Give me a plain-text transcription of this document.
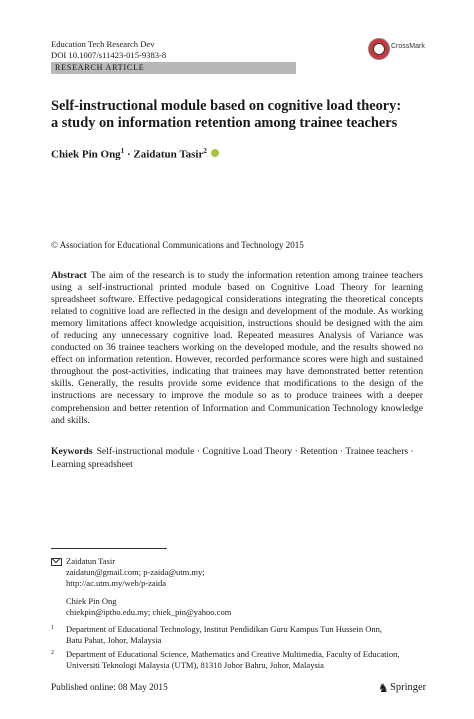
Education Tech Research Dev
DOI 10.1007/s11423-015-9383-8
CrossMark
RESEARCH ARTICLE
Self-instructional module based on cognitive load theory:
a study on information retention among trainee teachers
Chiek Pin Ong$^1$ · Zaidatun Tasir$^2$
© Association for Educational Communications and Technology 2015
Abstract The aim of the research is to study the information retention among trainee teachers using a self-instructional printed module based on Cognitive Load Theory for learning spreadsheet software. Effective pedagogical considerations integrating the theoretical concepts related to cognitive load are reflected in the design and development of the module. As working memory limitations affect knowledge acquisition, instructions should be designed with the aim of reducing any unnecessary cognitive load. Repeated measures Analysis of Variance was conducted on 36 trainee teachers working on the developed module, and the results showed no effect on information retention. However, recorded performance scores were high and sustained throughout the post-activities, indicating that trainees may have demonstrated better retention skills. Generally, the results provide some evidence that modifications to the design of the instructions are necessary to improve the module so as to produce trainees with a deeper comprehension and better retention of Information and Communication Technology knowledge and skills.
Keywords Self-instructional module · Cognitive Load Theory · Retention · Trainee teachers · Learning spreadsheet
Zaidatun Tasir
zaidatun@gmail.com; p-zaida@utm.my;
http://ac.utm.my/web/p-zaida
Chiek Pin Ong
chiekpin@iptho.edu.my; chiek_pin@yahoo.com
1 Department of Educational Technology, Institut Pendidikan Guru Kampus Tun Hussein Onn,
Batu Pahat, Johor, Malaysia
2 Department of Educational Science, Mathematics and Creative Multimedia, Faculty of Education,
Universiti Teknologi Malaysia (UTM), 81310 Johor Bahru, Johor, Malaysia
Published online: 08 May 2015	♞ Springer
